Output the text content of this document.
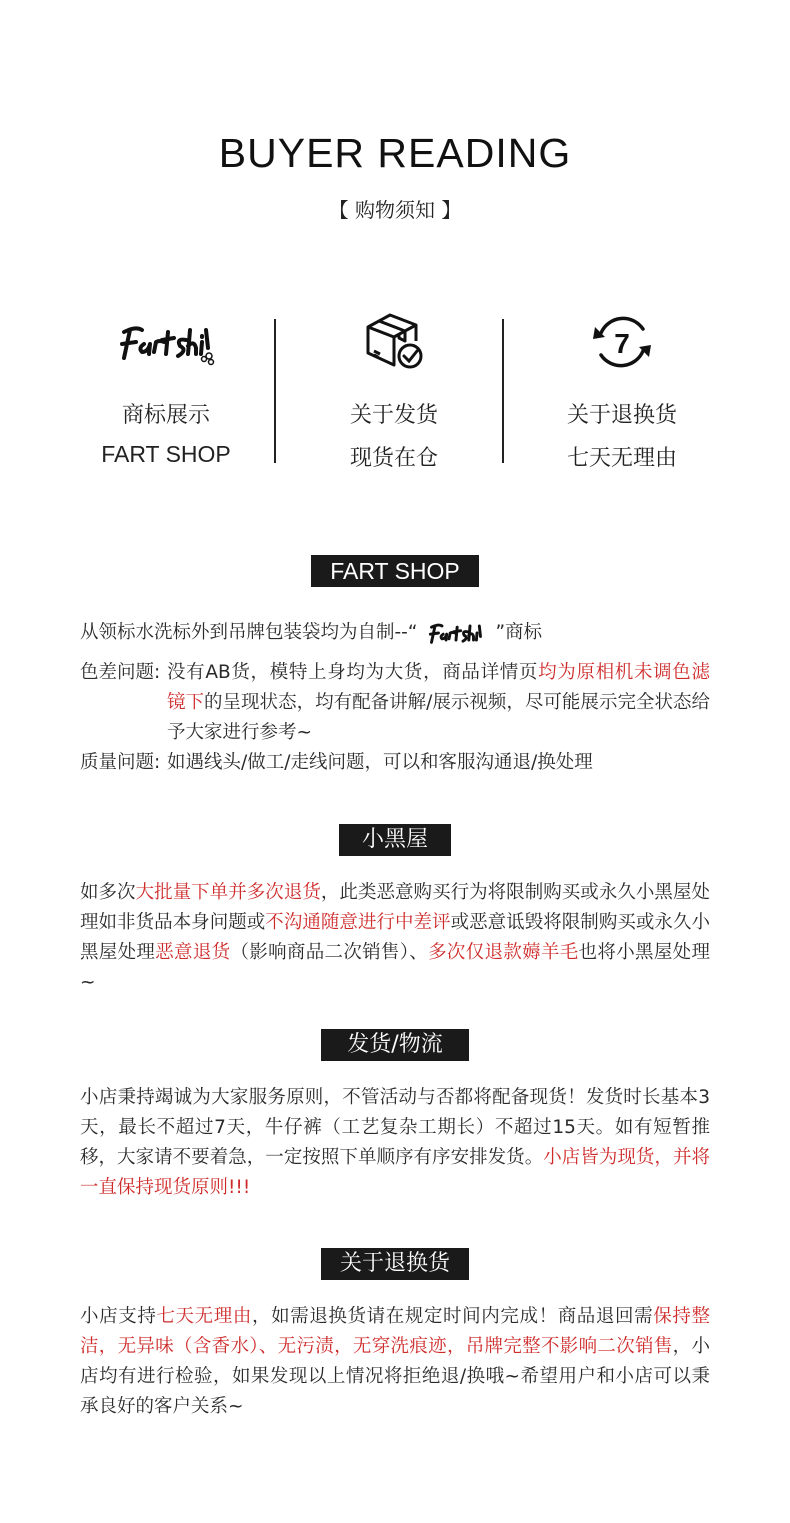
BUYER READING
【 购物须知 】
商标展示
FART SHOP
关于发货
现货在仓
7
关于退换货
七天无理由
FART SHOP
从领标水洗标外到吊牌包装袋均为自制--“	”商标
色差问题: 没有AB货，模特上身均为大货，商品详情页均为原相机未调色滤镜下的呈现状态，均有配备讲解/展示视频，尽可能展示完全状态给予大家进行参考~
质量问题: 如遇线头/做工/走线问题，可以和客服沟通退/换处理
小黑屋
如多次大批量下单并多次退货，此类恶意购买行为将限制购买或永久小黑屋处理如非货品本身问题或不沟通随意进行中差评或恶意诋毁将限制购买或永久小黑屋处理恶意退货（影响商品二次销售）、多次仅退款薅羊毛也将小黑屋处理~
发货/物流
小店秉持竭诚为大家服务原则，不管活动与否都将配备现货！发货时长基本3天，最长不超过7天，牛仔裤（工艺复杂工期长）不超过15天。如有短暂推移，大家请不要着急，一定按照下单顺序有序安排发货。小店皆为现货，并将一直保持现货原则!!!
关于退换货
小店支持七天无理由，如需退换货请在规定时间内完成！商品退回需保持整洁，无异味（含香水）、无污渍，无穿洗痕迹，吊牌完整不影响二次销售，小店均有进行检验，如果发现以上情况将拒绝退/换哦~希望用户和小店可以秉承良好的客户关系~
